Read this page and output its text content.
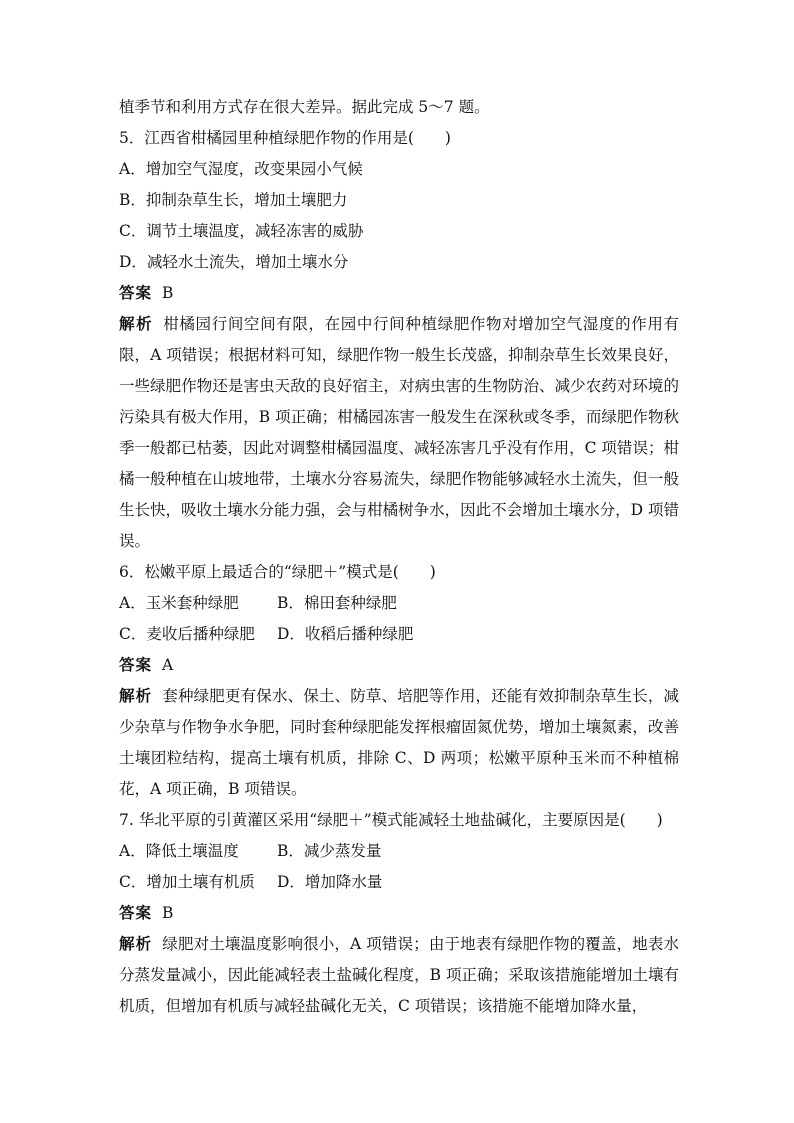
植季节和利用方式存在很大差异。据此完成 5～7 题。
5．江西省柑橘园里种植绿肥作物的作用是(　　)
A．增加空气湿度，改变果园小气候
B．抑制杂草生长，增加土壤肥力
C．调节土壤温度，减轻冻害的威胁
D．减轻水土流失，增加土壤水分
答案 B
解析 柑橘园行间空间有限，在园中行间种植绿肥作物对增加空气湿度的作用有限，A 项错误；根据材料可知，绿肥作物一般生长茂盛，抑制杂草生长效果良好，一些绿肥作物还是害虫天敌的良好宿主，对病虫害的生物防治、减少农药对环境的污染具有极大作用，B 项正确；柑橘园冻害一般发生在深秋或冬季，而绿肥作物秋季一般都已枯萎，因此对调整柑橘园温度、减轻冻害几乎没有作用，C 项错误；柑橘一般种植在山坡地带，土壤水分容易流失，绿肥作物能够减轻水土流失，但一般生长快，吸收土壤水分能力强，会与柑橘树争水，因此不会增加土壤水分，D 项错误。
6．松嫩平原上最适合的“绿肥＋”模式是(　　)
A．玉米套种绿肥 B．棉田套种绿肥
C．麦收后播种绿肥 D．收稻后播种绿肥
答案 A
解析 套种绿肥更有保水、保土、防草、培肥等作用，还能有效抑制杂草生长，减少杂草与作物争水争肥，同时套种绿肥能发挥根瘤固氮优势，增加土壤氮素，改善土壤团粒结构，提高土壤有机质，排除 C、D 两项；松嫩平原种玉米而不种植棉花，A 项正确，B 项错误。
7. 华北平原的引黄灌区采用“绿肥＋”模式能减轻土地盐碱化，主要原因是(　　)
A．降低土壤温度 B．减少蒸发量
C．增加土壤有机质 D．增加降水量
答案 B
解析 绿肥对土壤温度影响很小，A 项错误；由于地表有绿肥作物的覆盖，地表水分蒸发量减小，因此能减轻表土盐碱化程度，B 项正确；采取该措施能增加土壤有机质，但增加有机质与减轻盐碱化无关，C 项错误；该措施不能增加降水量，
